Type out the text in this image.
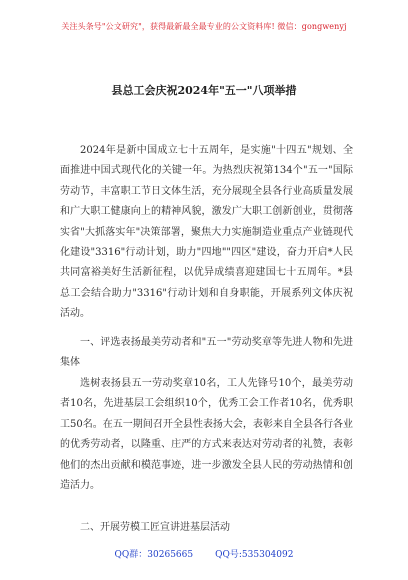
关注头条号"公文研究"，获得最新最全最专业的公文资料库! 微信：gongwenyj
县总工会庆祝2024年"五一"八项举措

2024年是新中国成立七十五周年，是实施"十四五"规划、全面推进中国式现代化的关键一年。为热烈庆祝第134个"五一"国际劳动节，丰富职工节日文体生活，充分展现全县各行业高质量发展和广大职工健康向上的精神风貌，激发广大职工创新创业，贯彻落实省"大抓落实年"决策部署，聚焦大力实施制造业重点产业链现代化建设"3316"行动计划，助力"四地""四区"建设，奋力开启*人民共同富裕美好生活新征程，以优异成绩喜迎建国七十五周年。*县总工会结合助力"3316"行动计划和自身职能，开展系列文体庆祝活动。

一、评选表扬最美劳动者和"五一"劳动奖章等先进人物和先进集体

选树表扬县五一劳动奖章10名，工人先锋号10个，最美劳动者10名，先进基层工会组织10个，优秀工会工作者10名，优秀职工50名。在五一期间召开全县性表扬大会，表彰来自全县各行各业的优秀劳动者，以隆重、庄严的方式来表达对劳动者的礼赞，表彰他们的杰出贡献和模范事迹，进一步激发全县人民的劳动热情和创造活力。

二、开展劳模工匠宣讲进基层活动

QQ群：30265665 QQ号:535304092
